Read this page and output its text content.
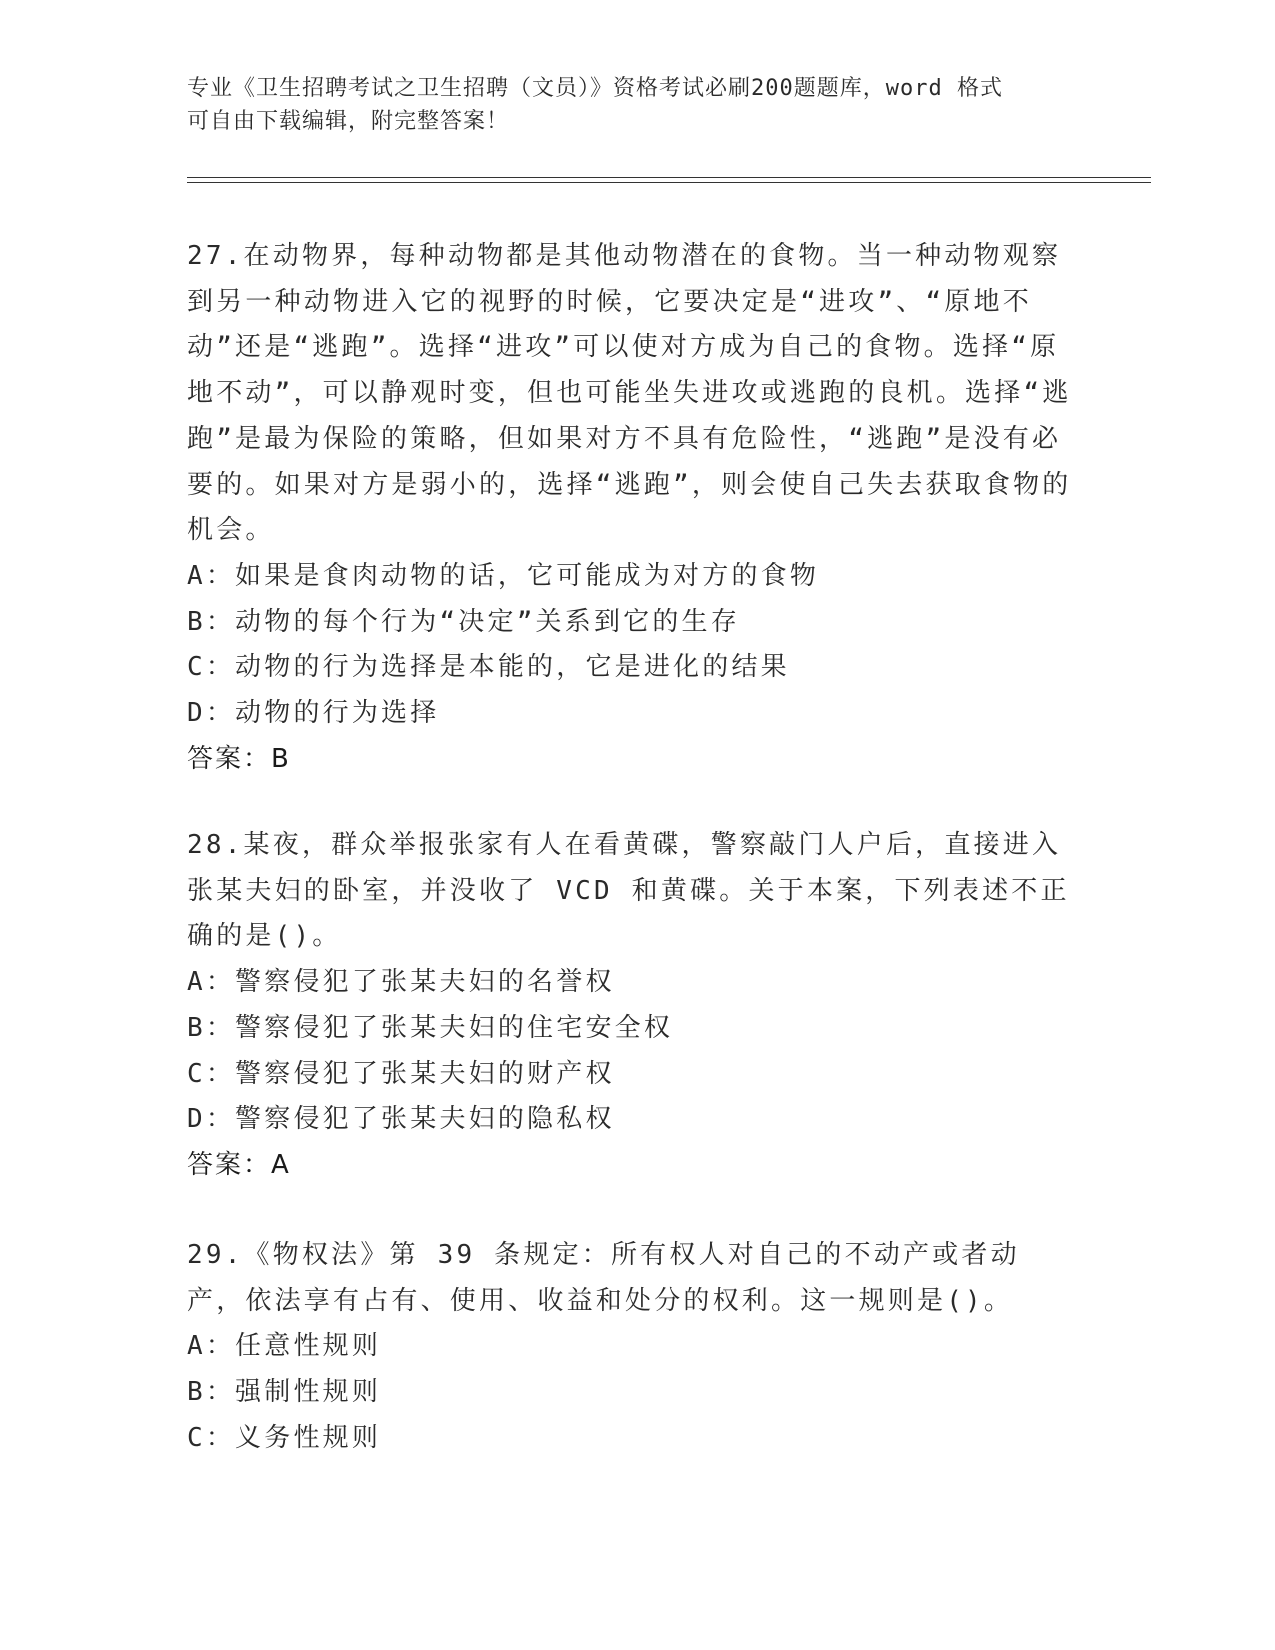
专业《卫生招聘考试之卫生招聘（文员）》资格考试必刷200题题库，word 格式
可自由下载编辑，附完整答案！

27.在动物界，每种动物都是其他动物潜在的食物。当一种动物观察到另一种动物进入它的视野的时候，它要决定是“进攻”、“原地不动”还是“逃跑”。选择“进攻”可以使对方成为自己的食物。选择“原地不动”，可以静观时变，但也可能坐失进攻或逃跑的良机。选择“逃跑”是最为保险的策略，但如果对方不具有危险性，“逃跑”是没有必要的。如果对方是弱小的，选择“逃跑”，则会使自己失去获取食物的机会。

A：如果是食肉动物的话，它可能成为对方的食物

B：动物的每个行为“决定”关系到它的生存

C：动物的行为选择是本能的，它是进化的结果

D：动物的行为选择

答案：B

28.某夜，群众举报张家有人在看黄碟，警察敲门人户后，直接进入张某夫妇的卧室，并没收了 VCD 和黄碟。关于本案，下列表述不正确的是()。

A：警察侵犯了张某夫妇的名誉权

B：警察侵犯了张某夫妇的住宅安全权

C：警察侵犯了张某夫妇的财产权

D：警察侵犯了张某夫妇的隐私权

答案：A

29.《物权法》第 39 条规定：所有权人对自己的不动产或者动产，依法享有占有、使用、收益和处分的权利。这一规则是()。

A：任意性规则

B：强制性规则

C：义务性规则
